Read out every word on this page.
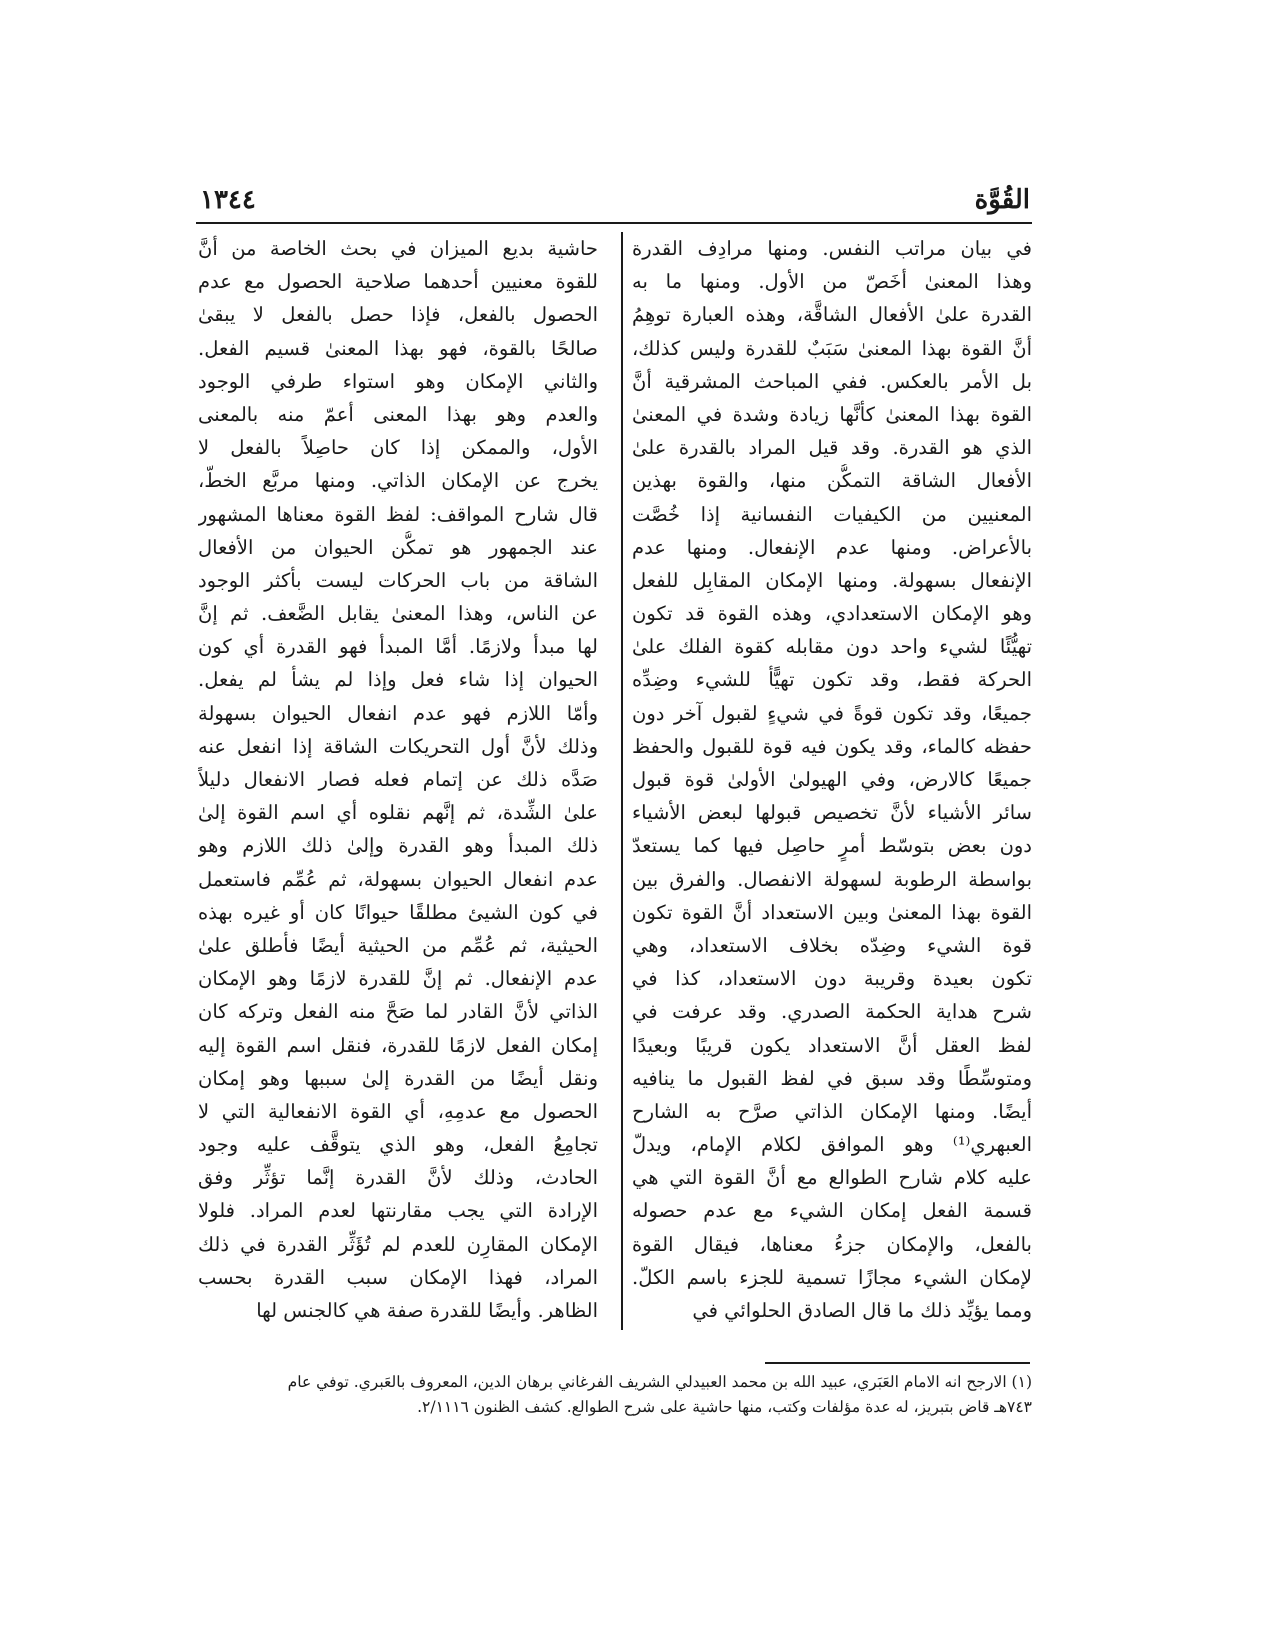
القُوَّة
١٣٤٤
في بيان مراتب النفس. ومنها مرادِف القدرة
وهذا المعنىٰ أخَصّ من الأول. ومنها ما به
القدرة علىٰ الأفعال الشاقَّة، وهذه العبارة توهِمُ
أنَّ القوة بهذا المعنىٰ سَبَبٌ للقدرة وليس كذلك،
بل الأمر بالعكس. ففي المباحث المشرقية أنَّ
القوة بهذا المعنىٰ كأنَّها زيادة وشدة في المعنىٰ
الذي هو القدرة. وقد قيل المراد بالقدرة علىٰ
الأفعال الشاقة التمكُّن منها، والقوة بهذين
المعنيين من الكيفيات النفسانية إذا خُصَّت
بالأعراض. ومنها عدم الإنفعال. ومنها عدم
الإنفعال بسهولة. ومنها الإمكان المقابِل للفعل
وهو الإمكان الاستعدادي، وهذه القوة قد تكون
تهيُّئًا لشيء واحد دون مقابله كقوة الفلك علىٰ
الحركة فقط، وقد تكون تهيًّأ للشيء وضِدِّه
جميعًا، وقد تكون قوةً في شيءٍ لقبول آخر دون
حفظه كالماء، وقد يكون فيه قوة للقبول والحفظ
جميعًا كالارض، وفي الهيولىٰ الأولىٰ قوة قبول
سائر الأشياء لأنَّ تخصيص قبولها لبعض الأشياء
دون بعض بتوسّط أمرٍ حاصِل فيها كما يستعدّ
بواسطة الرطوبة لسهولة الانفصال. والفرق بين
القوة بهذا المعنىٰ وبين الاستعداد أنَّ القوة تكون
قوة الشيء وضِدّه بخلاف الاستعداد، وهي
تكون بعيدة وقريبة دون الاستعداد، كذا في
شرح هداية الحكمة الصدري. وقد عرفت في
لفظ العقل أنَّ الاستعداد يكون قريبًا وبعيدًا
ومتوسِّطًا وقد سبق في لفظ القبول ما ينافيه
أيضًا. ومنها الإمكان الذاتي صرَّح به الشارح
العبهري⁽¹⁾ وهو الموافق لكلام الإمام، ويدلّ
عليه كلام شارح الطوالع مع أنَّ القوة التي هي
قسمة الفعل إمكان الشيء مع عدم حصوله
بالفعل، والإمكان جزءُ معناها، فيقال القوة
لإمكان الشيء مجازًا تسمية للجزء باسم الكلّ.
ومما يؤيِّد ذلك ما قال الصادق الحلوائي في
حاشية بديع الميزان في بحث الخاصة من أنَّ
للقوة معنيين أحدهما صلاحية الحصول مع عدم
الحصول بالفعل، فإذا حصل بالفعل لا يبقىٰ
صالحًا بالقوة، فهو بهذا المعنىٰ قسيم الفعل.
والثاني الإمكان وهو استواء طرفي الوجود
والعدم وهو بهذا المعنى أعمّ منه بالمعنى
الأول، والممكن إذا كان حاصِلاً بالفعل لا
يخرج عن الإمكان الذاتي. ومنها مربَّع الخطّ،
قال شارح المواقف: لفظ القوة معناها المشهور
عند الجمهور هو تمكُّن الحيوان من الأفعال
الشاقة من باب الحركات ليست بأكثر الوجود
عن الناس، وهذا المعنىٰ يقابل الضَّعف. ثم إنَّ
لها مبدأ ولازمًا. أمَّا المبدأ فهو القدرة أي كون
الحيوان إذا شاء فعل وإذا لم يشأ لم يفعل.
وأمّا اللازم فهو عدم انفعال الحيوان بسهولة
وذلك لأنَّ أول التحريكات الشاقة إذا انفعل عنه
صَدَّه ذلك عن إتمام فعله فصار الانفعال دليلاً
علىٰ الشِّدة، ثم إنَّهم نقلوه أي اسم القوة إلىٰ
ذلك المبدأ وهو القدرة وإلىٰ ذلك اللازم وهو
عدم انفعال الحيوان بسهولة، ثم عُمِّم فاستعمل
في كون الشيئ مطلقًا حيوانًا كان أو غيره بهذه
الحيثية، ثم عُمِّم من الحيثية أيضًا فأطلق علىٰ
عدم الإنفعال. ثم إنَّ للقدرة لازمًا وهو الإمكان
الذاتي لأنَّ القادر لما صَحَّ منه الفعل وتركه كان
إمكان الفعل لازمًا للقدرة، فنقل اسم القوة إليه
ونقل أيضًا من القدرة إلىٰ سببها وهو إمكان
الحصول مع عدمِهِ، أي القوة الانفعالية التي لا
تجامِعُ الفعل، وهو الذي يتوقَّف عليه وجود
الحادث، وذلك لأنَّ القدرة إنَّما تؤثِّر وفق
الإرادة التي يجب مقارنتها لعدم المراد. فلولا
الإمكان المقارِن للعدم لم تُؤَثِّر القدرة في ذلك
المراد، فهذا الإمكان سبب القدرة بحسب
الظاهر. وأيضًا للقدرة صفة هي كالجنس لها
(١) الارجح انه الامام العَبَري، عبيد الله بن محمد العبيدلي الشريف الفرغاني برهان الدين، المعروف بالعَبري. توفي عام
٧٤٣هـ قاض بتبريز، له عدة مؤلفات وكتب، منها حاشية على شرح الطوالع. كشف الظنون ٢/١١١٦.
